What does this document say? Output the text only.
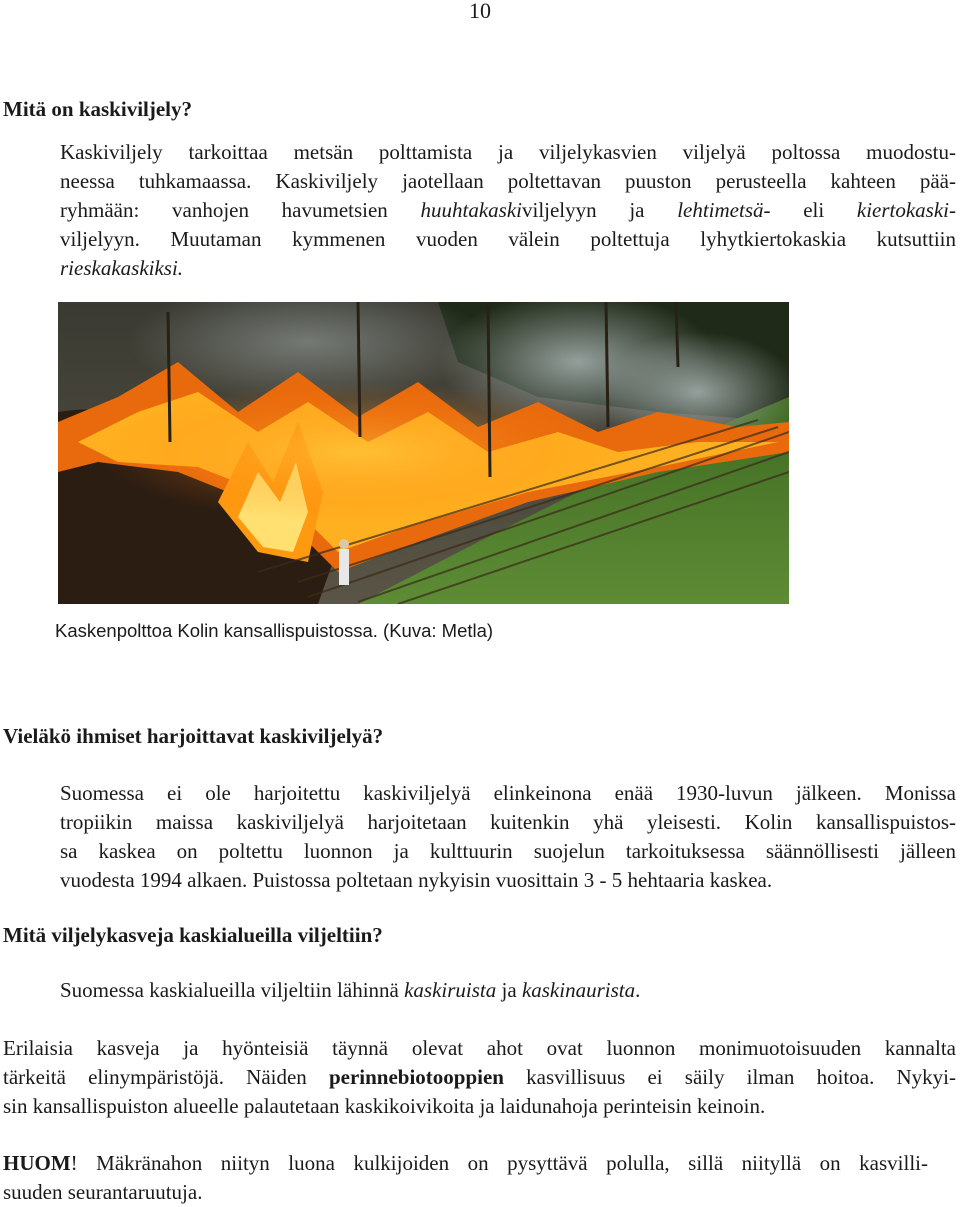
10
Mitä on kaskiviljely?

Kaskiviljely tarkoittaa metsän polttamista ja viljelykasvien viljelyä poltossa muodostu-
neessa tuhkamaassa. Kaskiviljely jaotellaan poltettavan puuston perusteella kahteen pää-
ryhmään: vanhojen havumetsien huuhtakaskiviljelyyn ja lehtimetsä- eli kiertokaski-
viljelyyn. Muutaman kymmenen vuoden välein poltettuja lyhytkiertokaskia kutsuttiin
rieskakaskiksi.

Kaskenpolttoa Kolin kansallispuistossa. (Kuva: Metla)
Vieläkö ihmiset harjoittavat kaskiviljelyä?

Suomessa ei ole harjoitettu kaskiviljelyä elinkeinona enää 1930-luvun jälkeen. Monissa
tropiikin maissa kaskiviljelyä harjoitetaan kuitenkin yhä yleisesti. Kolin kansallispuistos-
sa kaskea on poltettu luonnon ja kulttuurin suojelun tarkoituksessa säännöllisesti jälleen
vuodesta 1994 alkaen. Puistossa poltetaan nykyisin vuosittain 3 - 5 hehtaaria kaskea.

Mitä viljelykasveja kaskialueilla viljeltiin?

Suomessa kaskialueilla viljeltiin lähinnä kaskiruista ja kaskinaurista.

Erilaisia kasveja ja hyönteisiä täynnä olevat ahot ovat luonnon monimuotoisuuden kannalta
tärkeitä elinympäristöjä. Näiden perinnebiotooppien kasvillisuus ei säily ilman hoitoa. Nykyi-
sin kansallispuiston alueelle palautetaan kaskikoivikoita ja laidunahoja perinteisin keinoin.

HUOM! Mäkränahon niityn luona kulkijoiden on pysyttävä polulla, sillä niityllä on kasvilli-
suuden seurantaruutuja.
